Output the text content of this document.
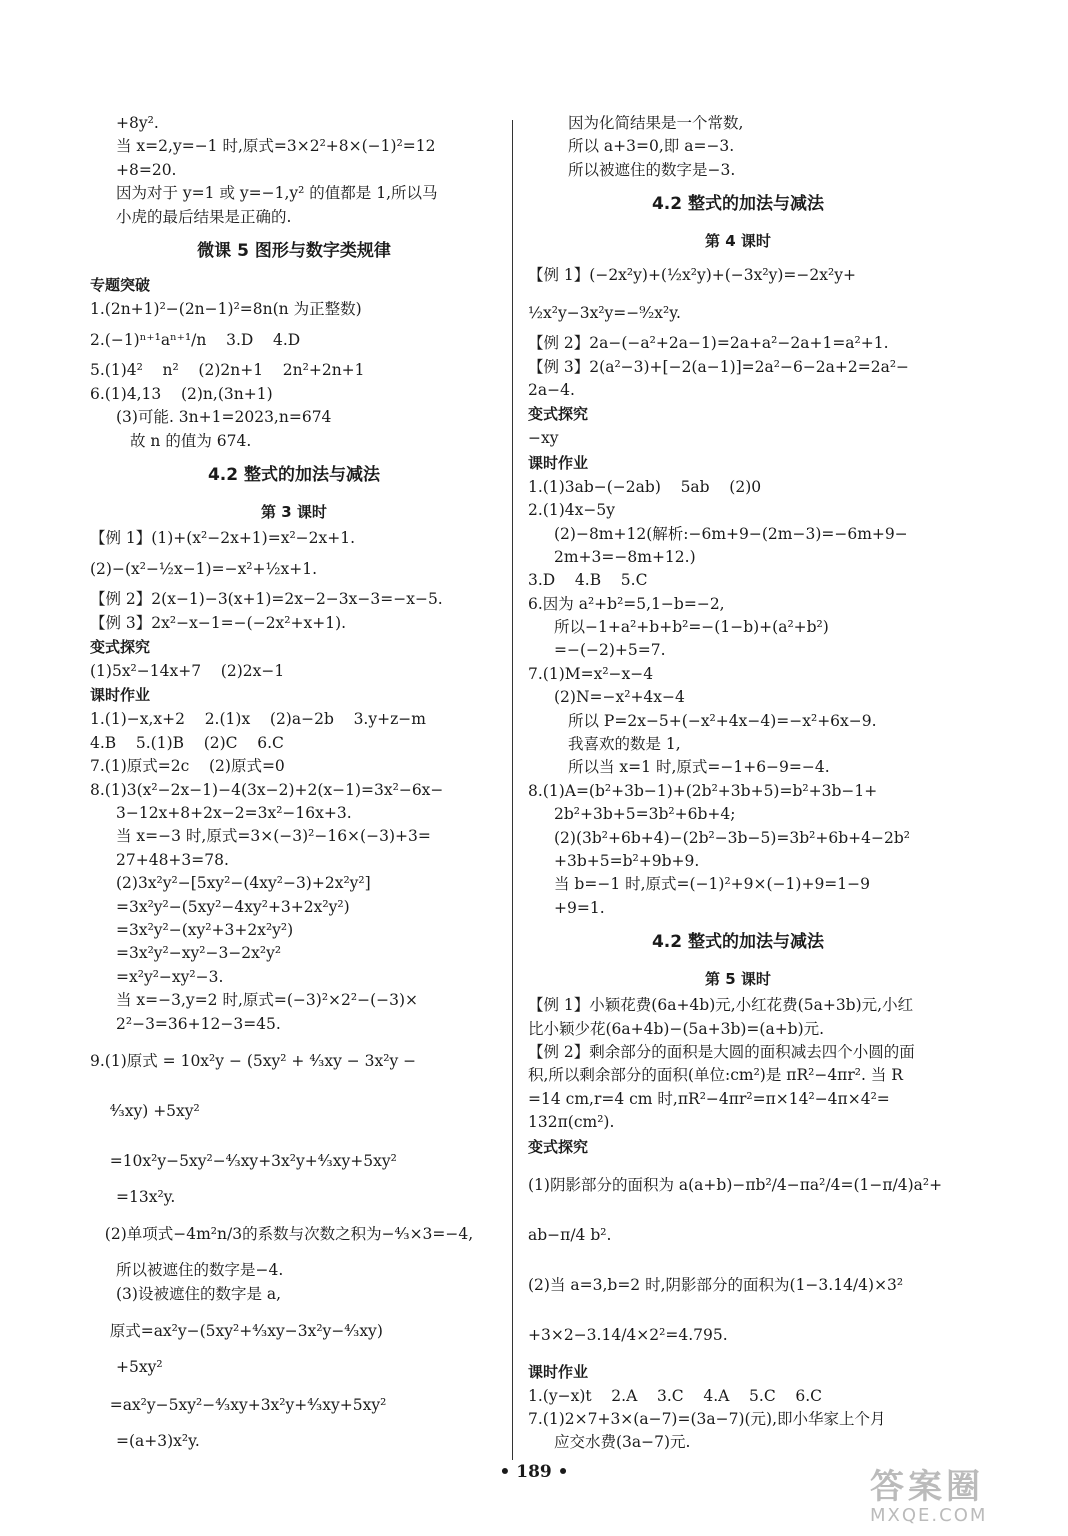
+8y².
当 x=2,y=−1 时,原式=3×2²+8×(−1)²=12
+8=20.
因为对于 y=1 或 y=−1,y² 的值都是 1,所以马
小虎的最后结果是正确的.
微课 5 图形与数字类规律
专题突破
1.(2n+1)²−(2n−1)²=8n(n 为正整数)
2.(−1)ⁿ⁺¹aⁿ⁺¹/n    3.D    4.D
5.(1)4²    n²    (2)2n+1    2n²+2n+1
6.(1)4,13    (2)n,(3n+1)
(3)可能. 3n+1=2023,n=674
故 n 的值为 674.
4.2 整式的加法与减法
第 3 课时
【例 1】(1)+(x²−2x+1)=x²−2x+1.
(2)−(x²−½x−1)=−x²+½x+1.
【例 2】2(x−1)−3(x+1)=2x−2−3x−3=−x−5.
【例 3】2x²−x−1=−(−2x²+x+1).
变式探究
(1)5x²−14x+7    (2)2x−1
课时作业
1.(1)−x,x+2    2.(1)x    (2)a−2b    3.y+z−m
4.B    5.(1)B    (2)C    6.C
7.(1)原式=2c    (2)原式=0
8.(1)3(x²−2x−1)−4(3x−2)+2(x−1)=3x²−6x−
3−12x+8+2x−2=3x²−16x+3.
当 x=−3 时,原式=3×(−3)²−16×(−3)+3=
27+48+3=78.
(2)3x²y²−[5xy²−(4xy²−3)+2x²y²]
=3x²y²−(5xy²−4xy²+3+2x²y²)
=3x²y²−(xy²+3+2x²y²)
=3x²y²−xy²−3−2x²y²
=x²y²−xy²−3.
当 x=−3,y=2 时,原式=(−3)²×2²−(−3)×
2²−3=36+12−3=45.
9.(1)原式 = 10x²y − (5xy² + ⁴⁄₃xy − 3x²y −
⁴⁄₃xy) +5xy²
=10x²y−5xy²−⁴⁄₃xy+3x²y+⁴⁄₃xy+5xy²
=13x²y.
(2)单项式−4m²n/3的系数与次数之积为−⁴⁄₃×3=−4,
所以被遮住的数字是−4.
(3)设被遮住的数字是 a,
原式=ax²y−(5xy²+⁴⁄₃xy−3x²y−⁴⁄₃xy)
+5xy²
=ax²y−5xy²−⁴⁄₃xy+3x²y+⁴⁄₃xy+5xy²
=(a+3)x²y.
因为化简结果是一个常数,
所以 a+3=0,即 a=−3.
所以被遮住的数字是−3.
4.2 整式的加法与减法
第 4 课时
【例 1】(−2x²y)+(½x²y)+(−3x²y)=−2x²y+
½x²y−3x²y=−⁹⁄₂x²y.
【例 2】2a−(−a²+2a−1)=2a+a²−2a+1=a²+1.
【例 3】2(a²−3)+[−2(a−1)]=2a²−6−2a+2=2a²−
2a−4.
变式探究
−xy
课时作业
1.(1)3ab−(−2ab)    5ab    (2)0
2.(1)4x−5y
(2)−8m+12(解析:−6m+9−(2m−3)=−6m+9−
2m+3=−8m+12.)
3.D    4.B    5.C
6.因为 a²+b²=5,1−b=−2,
所以−1+a²+b+b²=−(1−b)+(a²+b²)
=−(−2)+5=7.
7.(1)M=x²−x−4
(2)N=−x²+4x−4
所以 P=2x−5+(−x²+4x−4)=−x²+6x−9.
我喜欢的数是 1,
所以当 x=1 时,原式=−1+6−9=−4.
8.(1)A=(b²+3b−1)+(2b²+3b+5)=b²+3b−1+
2b²+3b+5=3b²+6b+4;
(2)(3b²+6b+4)−(2b²−3b−5)=3b²+6b+4−2b²
+3b+5=b²+9b+9.
当 b=−1 时,原式=(−1)²+9×(−1)+9=1−9
+9=1.
4.2 整式的加法与减法
第 5 课时
【例 1】小颖花费(6a+4b)元,小红花费(5a+3b)元,小红
比小颖少花(6a+4b)−(5a+3b)=(a+b)元.
【例 2】剩余部分的面积是大圆的面积减去四个小圆的面
积,所以剩余部分的面积(单位:cm²)是 πR²−4πr². 当 R
=14 cm,r=4 cm 时,πR²−4πr²=π×14²−4π×4²=
132π(cm²).
变式探究
(1)阴影部分的面积为 a(a+b)−πb²/4−πa²/4=(1−π/4)a²+
ab−π/4 b².
(2)当 a=3,b=2 时,阴影部分的面积为(1−3.14/4)×3²
+3×2−3.14/4×2²=4.795.
课时作业
1.(y−x)t    2.A    3.C    4.A    5.C    6.C
7.(1)2×7+3×(a−7)=(3a−7)(元),即小华家上个月
应交水费(3a−7)元.
• 189 •	答案圈
MXQE.COM
